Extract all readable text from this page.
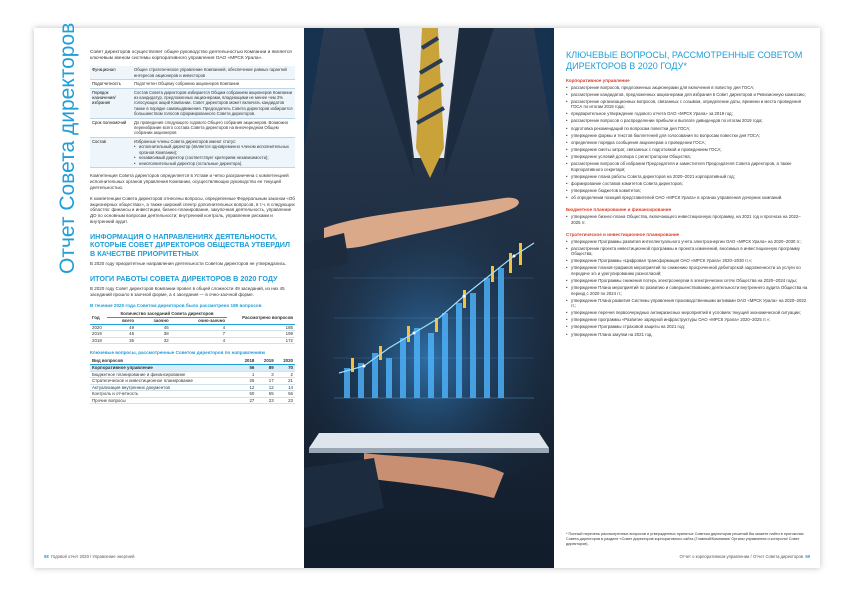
Отчет Совета директоров Совет директоров осуществляет общее руководство деятельностью Компании и является ключевым звеном системы корпоративного управления ОАО «МРСК Урала».
Функционал	Общее стратегическое управление Компанией, обеспечение равных гарантий интересов акционеров и инвесторов
Подотчетность	Подотчетен Общему собранию акционеров Компании
Порядок назначения/избрания	Состав Совета директоров избирается Общим собранием акционеров Компании из кандидатур, предложенных акционерами, владеющими не менее чем 2% голосующих акций Компании. Совет директоров может включать кандидатов также в порядке самовыдвижения. Председатель Совета директоров избирается большинством голосов сформированного Совета директоров.
Срок полномочий	До проведения следующего годового Общего собрания акционеров. Возможно переизбрание всего состава Совета директоров на внеочередном Общем собрании акционеров
Состав	Избранные члены Совета директоров имеют статус:
• исполнительный директор (является одновременно членом исполнительных органов Компании);
• независимый директор (соответствует критериям независимости);
• неисполнительный директор (остальные директора).
Компетенция Совета директоров определяется в Уставе и четко разграничена с компетенцией исполнительных органов управления Компании, осуществляющих руководство ее текущей деятельностью.
К компетенции Совета директоров отнесены вопросы, определенные Федеральным законом «Об акционерных обществах», а также широкий спектр дополнительных вопросов, в т.ч. в следующих областях: финансы и инвестиции, бизнес-планирование, закупочная деятельность, управление ДО по основным вопросам деятельности; внутренний контроль, управление рисками и внутренний аудит.
ИНФОРМАЦИЯ О НАПРАВЛЕНИЯХ ДЕЯТЕЛЬНОСТИ, КОТОРЫЕ СОВЕТ ДИРЕКТОРОВ ОБЩЕСТВА УТВЕРДИЛ В КАЧЕСТВЕ ПРИОРИТЕТНЫХ
В 2020 году приоритетные направления деятельности Советом директоров не утверждались.
ИТОГИ РАБОТЫ СОВЕТА ДИРЕКТОРОВ В 2020 ГОДУ
В 2020 году Совет директоров Компании провел в общей сложности 49 заседаний, из них 45 заседаний прошло в заочной форме, а 4 заседания — в очно-заочной форме.
В течение 2020 года Советом директоров было рассмотрено 185 вопросов
Год	Количество заседаний Совета директоров			Рассмотрено вопросов
	всего	заочно	очно-заочно	
2020	49	45	4	185
2019	45	38	7	199
2018	36	32	4	172
Ключевые вопросы, рассмотренные Советом директоров по направлениям
Вид вопросов	2018	2019	2020
Корпоративное управление	56	89	70
Бюджетное планирование и финансирование	1	3	2
Стратегическое и инвестиционное планирование	26	17	21
Актуализация внутренних документов	12	12	14
Контроль и отчетность	50	55	56
Прочие вопросы	27	23	23
68 Годовой отчет 2020 / Управление энергией
КЛЮЧЕВЫЕ ВОПРОСЫ, РАССМОТРЕННЫЕ СОВЕТОМ ДИРЕКТОРОВ В 2020 ГОДУ*
Корпоративное управление
• рассмотрение вопросов, предложенных акционерами для включения в повестку дня ГОСА;
• рассмотрение кандидатов, предложенных акционерами для избрания в Совет директоров и Ревизионную комиссию;
• рассмотрение организационных вопросов, связанных с созывом, определение даты, времени и места проведения ГОСА по итогам 2019 года;
• предварительное утверждение годового отчета ОАО «МРСК Урала» за 2019 год;
• рассмотрение вопросов о распределении прибыли и выплате дивидендов по итогам 2019 года;
• подготовка рекомендаций по вопросам повестки дня ГОСА;
• утверждение формы и текстов бюллетеней для голосования по вопросам повестки дня ГОСА;
• определение порядка сообщения акционерам о проведении ГОСА;
• утверждение сметы затрат, связанных с подготовкой и проведением ГОСА;
• утверждение условий договора с регистратором Общества;
• рассмотрение вопросов об избрании Председателя и заместителя Председателя Совета директоров, а также Корпоративного секретаря;
• утверждение плана работы Совета директоров на 2020–2021 корпоративный год;
• формирование составов комитетов Совета директоров;
• утверждение бюджетов комитетов;
• об определении позиций представителей ОАО «МРСК Урала» в органах управления дочерних компаний.
Бюджетное планирование и финансирование
• утверждение бизнес-плана Общества, включающего инвестиционную программу, на 2021 год и прогноза на 2022–2025 гг.
Стратегическое и инвестиционное планирование
• утверждение Программы развития интеллектуального учета электроэнергии ОАО «МРСК Урала» на 2020–2030 гг.;
• рассмотрение проекта инвестиционной программы и проекта изменений, вносимых в инвестиционную программу Общества;
• утверждение Программы «Цифровая трансформация ОАО «МРСК Урала» 2020–2030 гг.»;
• утверждение планов-графиков мероприятий по снижению просроченной дебиторской задолженности за услуги по передаче э/э и урегулированию разногласий;
• утверждение Программы снижения потерь электроэнергии в электрических сетях Общества на 2020–2024 годы;
• утверждение Плана мероприятий по развитию и совершенствованию деятельности внутреннего аудита Общества на период с 2020 по 2024 гг.;
• утверждение Плана развития Системы управления производственными активами ОАО «МРСК Урала» на 2020–2022 гг.;
• утверждение перечня первоочередных антикризисных мероприятий в условиях текущей экономической ситуации;
• утверждение программы «Развитие зарядной инфраструктуры ОАО «МРСК Урала» 2020–2025 гг.»;
• утверждение Программы страховой защиты на 2021 год;
• утверждение Плана закупки на 2021 год.
* Полный перечень рассмотренных вопросов и утвержденных принятых Советом директоров решений Вы можете найти в протоколах Совета директоров в разделе «Совет директоров корпоративного сайта (Главный/Компания/ Органы управления и контроля/ Совет директоров).
Отчет о корпоративном управлении / Отчет Совета директоров 69
